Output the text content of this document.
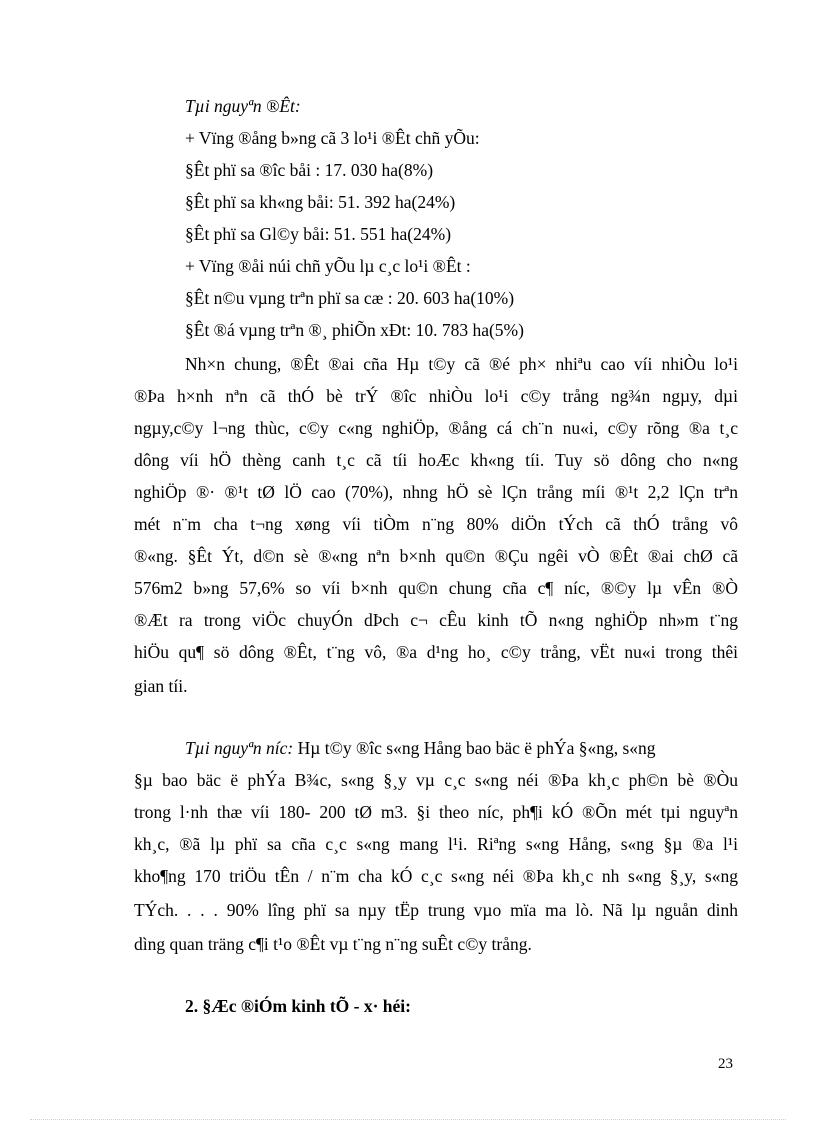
Tµi nguyªn ®Êt:
+ Vïng ®ång b»ng cã 3 lo¹i ®Êt chñ yÕu:
§Êt phï sa ®îc båi : 17. 030 ha(8%)
§Êt phï sa kh«ng båi: 51. 392 ha(24%)
§Êt phï sa Gl©y båi: 51. 551 ha(24%)
+ Vïng ®åi núi chñ yÕu lµ c¸c lo¹i ®Êt :
§Êt n©u vµng trªn phï sa cæ : 20. 603 ha(10%)
§Êt ®á vµng trªn ®¸ phiÕn xÐt: 10. 783 ha(5%)
Nh×n chung, ®Êt ®ai cña Hµ t©y cã ®é ph× nhiªu cao víi nhiÒu lo¹i
®Þa h×nh nªn cã thÓ bè trÝ ®îc nhiÒu lo¹i c©y trång ng¾n ngµy, dµi
ngµy,c©y l¬ng thùc, c©y c«ng nghiÖp, ®ång cá ch¨n nu«i, c©y rõng ®a t¸c
dông víi hÖ thèng canh t¸c cã tíi hoÆc kh«ng tíi. Tuy sö dông cho n«ng
nghiÖp ®· ®¹t tØ lÖ cao (70%), nhng hÖ sè lÇn trång míi ®¹t 2,2 lÇn trªn
mét n¨m cha t¬ng xøng víi tiÒm n¨ng 80% diÖn tÝch cã thÓ trång vô
®«ng. §Êt Ýt, d©n sè ®«ng nªn b×nh qu©n ®Çu ngêi vÒ ®Êt ®ai chØ cã
576m2 b»ng 57,6% so víi b×nh qu©n chung cña c¶ níc, ®©y lµ vÊn ®Ò
®Æt ra trong viÖc chuyÓn dÞch c¬ cÊu kinh tÕ n«ng nghiÖp nh»m t¨ng
hiÖu qu¶ sö dông ®Êt, t¨ng vô, ®a d¹ng ho¸ c©y trång, vËt nu«i trong thêi
gian tíi.
Tµi nguyªn níc: Hµ t©y ®îc s«ng Hång bao bäc ë phÝa §«ng, s«ng
§µ bao bäc ë phÝa B¾c, s«ng §¸y vµ c¸c s«ng néi ®Þa kh¸c ph©n bè ®Òu
trong l·nh thæ víi 180- 200 tØ m3. §i theo níc, ph¶i kÓ ®Õn mét tµi nguyªn
kh¸c, ®ã lµ phï sa cña c¸c s«ng mang l¹i. Riªng s«ng Hång, s«ng §µ ®a l¹i
kho¶ng 170 triÖu tÊn / n¨m cha kÓ c¸c s«ng néi ®Þa kh¸c nh s«ng §¸y, s«ng
TÝch. . . . 90% lîng phï sa nµy tËp trung vµo mïa ma lò. Nã lµ nguån dinh
dìng quan träng c¶i t¹o ®Êt vµ t¨ng n¨ng suÊt c©y trång.
2. §Æc ®iÓm kinh tÕ - x· héi:
23
